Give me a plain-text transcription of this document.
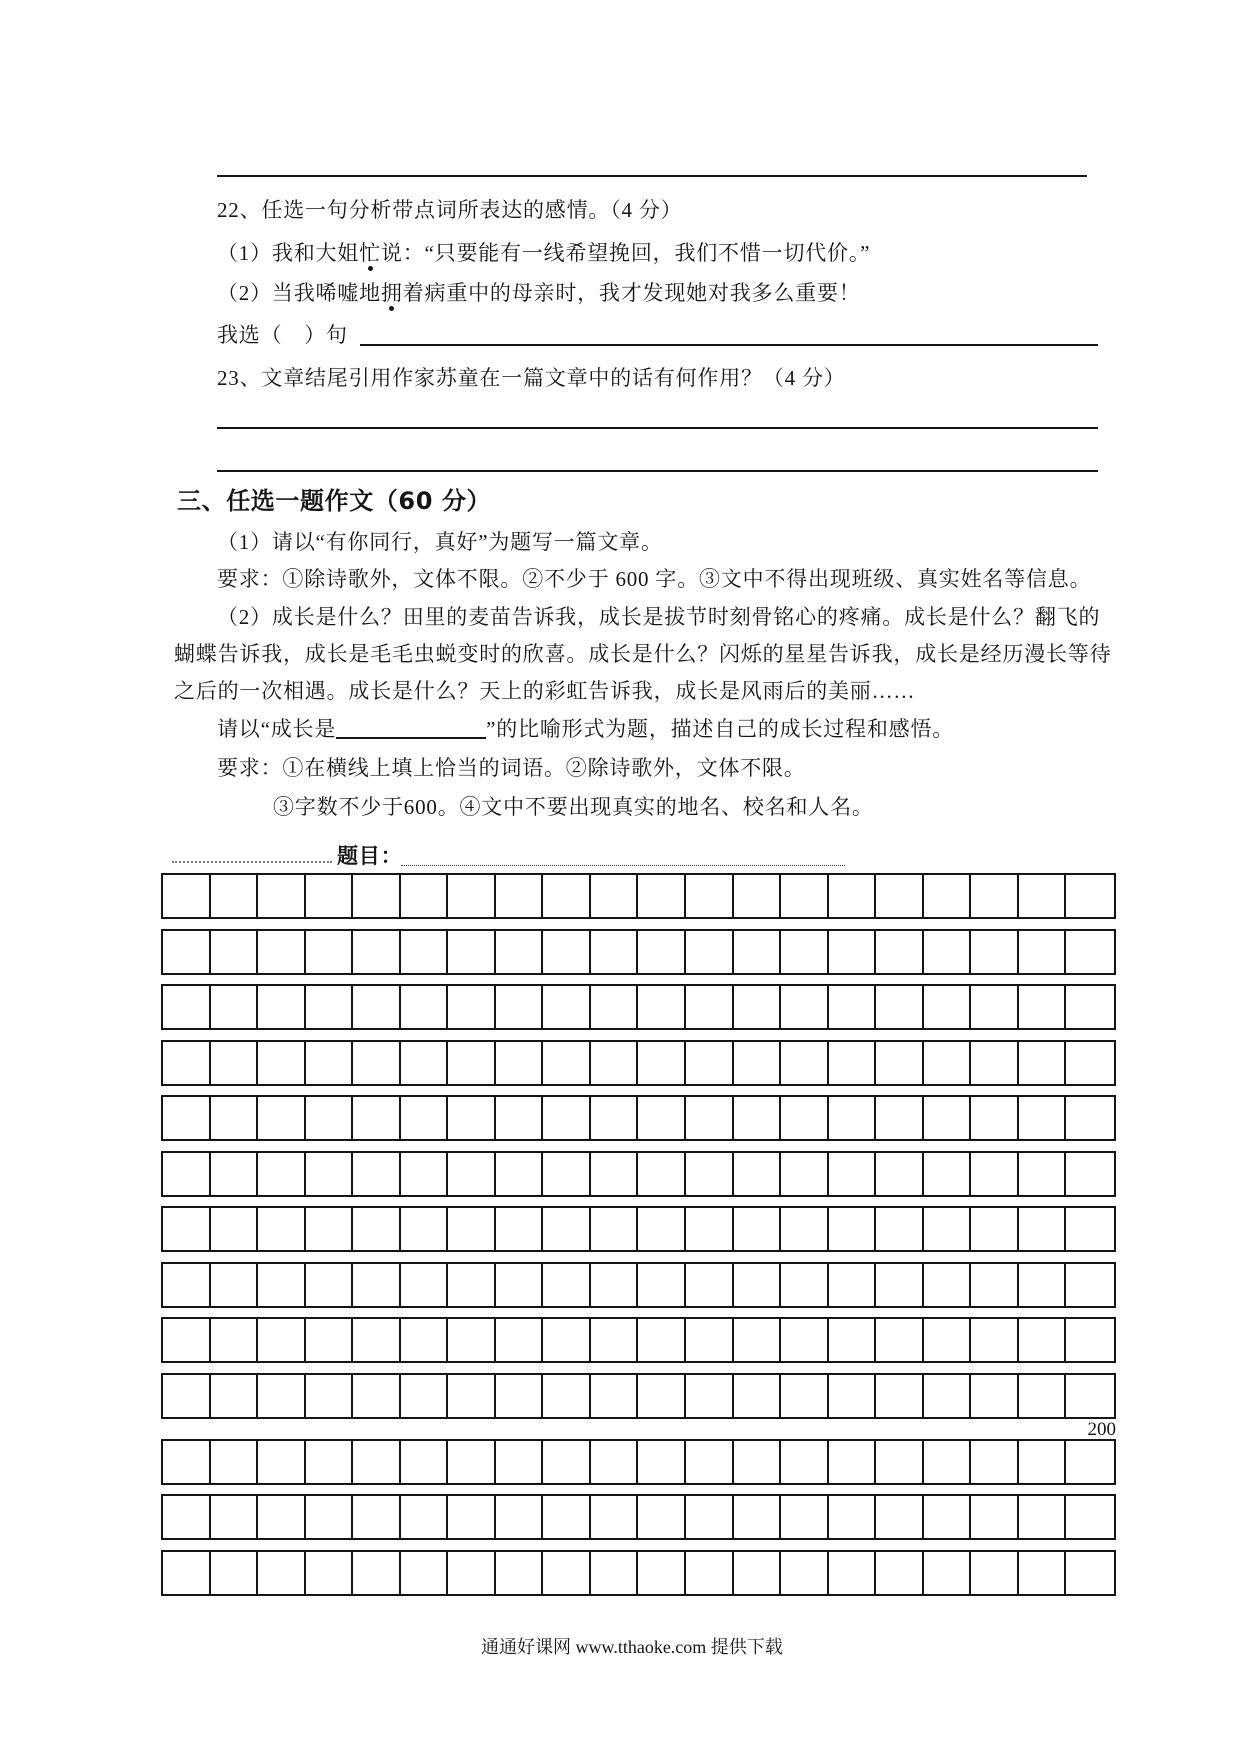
22、任选一句分析带点词所表达的感情。（4 分）
（1）我和大姐忙说：“只要能有一线希望挽回，我们不惜一切代价。”
（2）当我唏嘘地拥着病重中的母亲时，我才发现她对我多么重要！
我选（　）句
23、文章结尾引用作家苏童在一篇文章中的话有何作用？（4 分）
三、任选一题作文（60 分）
（1）请以“有你同行，真好”为题写一篇文章。
要求：①除诗歌外，文体不限。②不少于 600 字。③文中不得出现班级、真实姓名等信息。
（2）成长是什么？田里的麦苗告诉我，成长是拔节时刻骨铭心的疼痛。成长是什么？翻飞的
蝴蝶告诉我，成长是毛毛虫蜕变时的欣喜。成长是什么？闪烁的星星告诉我，成长是经历漫长等待
之后的一次相遇。成长是什么？天上的彩虹告诉我，成长是风雨后的美丽……
请以“成长是	”的比喻形式为题，描述自己的成长过程和感悟。
要求：①在横线上填上恰当的词语。②除诗歌外，文体不限。
③字数不少于600。④文中不要出现真实的地名、校名和人名。
题目：
200
通通好课网 www.tthaoke.com 提供下载
